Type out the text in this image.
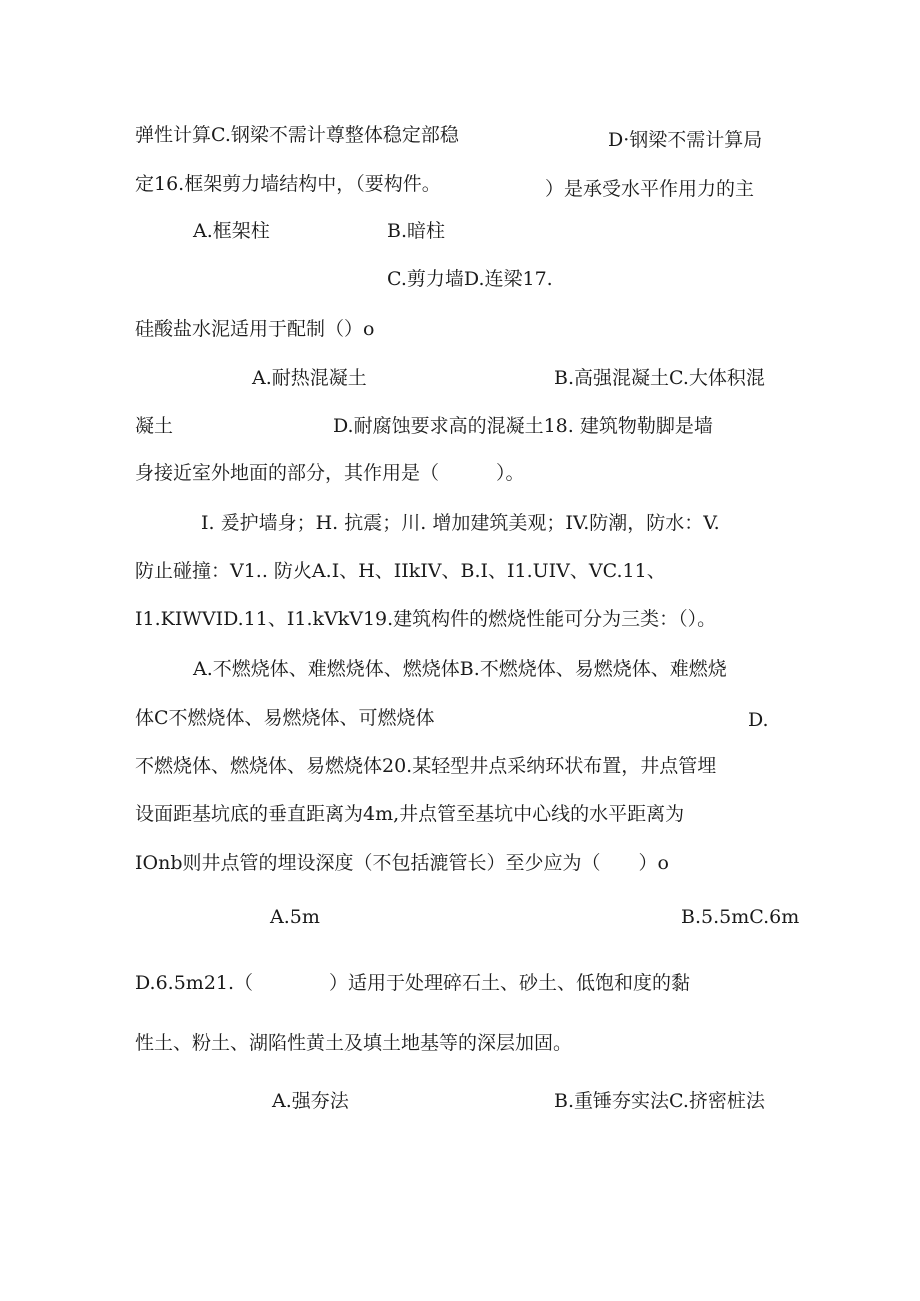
弹性计算C.钢梁不需计尊整体稳定部稳	D·钢梁不需计算局
定16.框架剪力墙结构中，（要构件。	）是承受水平作用力的主
A.框架柱	B.暗柱
C.剪力墙D.连梁17.
硅酸盐水泥适用于配制（）o
A.耐热混凝土	B.高强混凝土C.大体积混
凝土	D.耐腐蚀要求高的混凝土18. 建筑物勒脚是墙
身接近室外地面的部分，其作用是（　　　）。
I. 爰护墙身；H. 抗震；川. 增加建筑美观；IV.防潮，防水：V.
防止碰撞：V1.. 防火A.I、H、IIkIV、B.I、I1.UIV、VC.11、
I1.KIWVID.11、I1.kVkV19.建筑构件的燃烧性能可分为三类：（）。
A.不燃烧体、难燃烧体、燃烧体B.不燃烧体、易燃烧体、难燃烧
体C不燃烧体、易燃烧体、可燃烧体	D.
不燃烧体、燃烧体、易燃烧体20.某轻型井点采纳环状布置，井点管埋
设面距基坑底的垂直距离为4m,井点管至基坑中心线的水平距离为
IOnb则井点管的埋设深度（不包括漉管长）至少应为（　　）o
A.5m	B.5.5mC.6m
D.6.5m21.（　　　　）适用于处理碎石土、砂土、低饱和度的黏
性土、粉土、湖陷性黄土及填土地基等的深层加固。
A.强夯法	B.重锤夯实法C.挤密桩法
